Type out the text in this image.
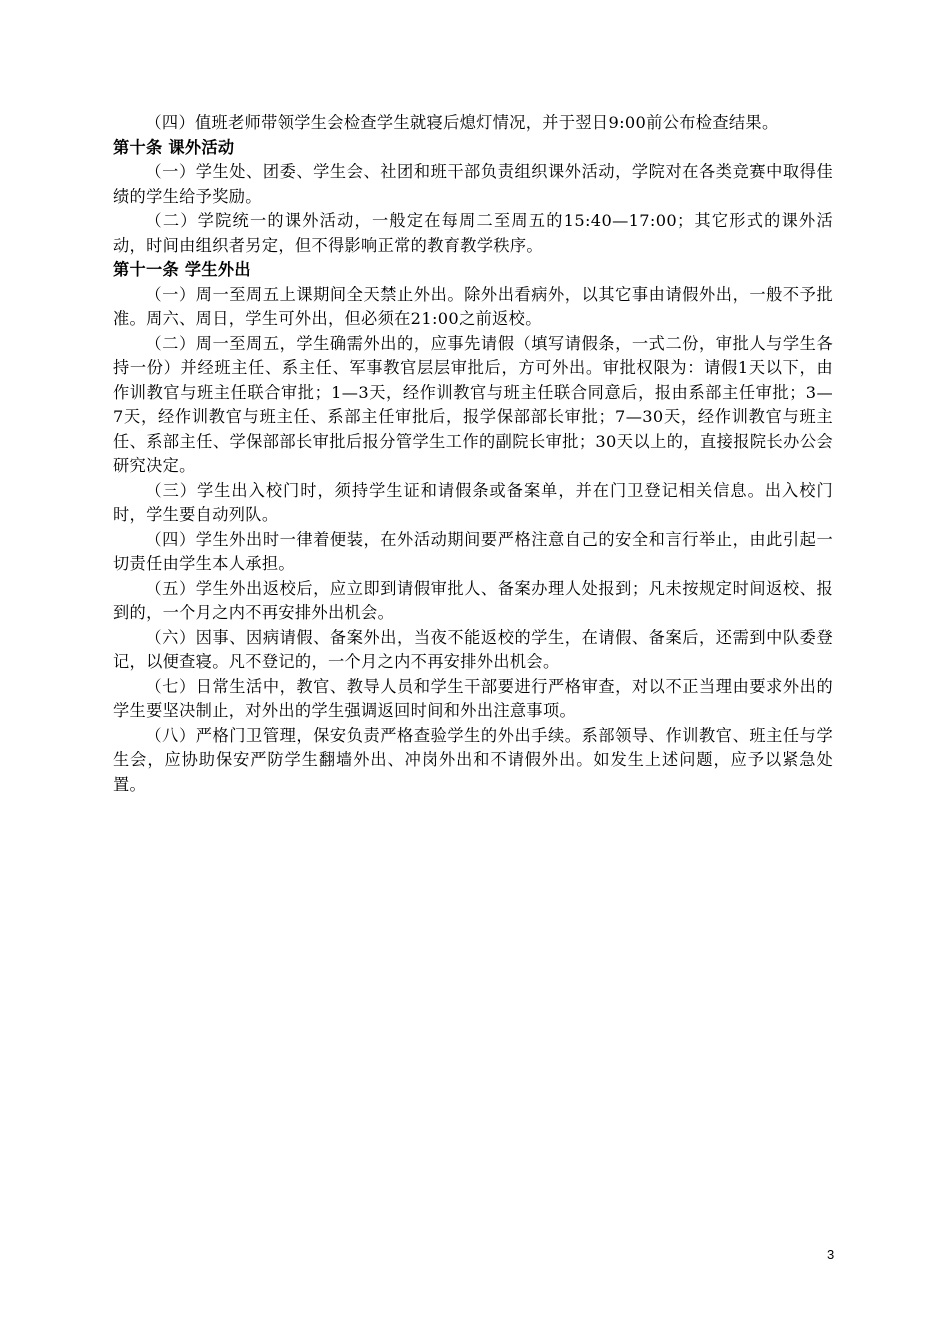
（四）值班老师带领学生会检查学生就寝后熄灯情况，并于翌日9:00前公布检查结果。

第十条 课外活动

（一）学生处、团委、学生会、社团和班干部负责组织课外活动，学院对在各类竞赛中取得佳绩的学生给予奖励。

（二）学院统一的课外活动，一般定在每周二至周五的15:40—17:00；其它形式的课外活动，时间由组织者另定，但不得影响正常的教育教学秩序。

第十一条 学生外出

（一）周一至周五上课期间全天禁止外出。除外出看病外，以其它事由请假外出，一般不予批准。周六、周日，学生可外出，但必须在21:00之前返校。

（二）周一至周五，学生确需外出的，应事先请假（填写请假条，一式二份，审批人与学生各持一份）并经班主任、系主任、军事教官层层审批后，方可外出。审批权限为：请假1天以下，由作训教官与班主任联合审批；1—3天，经作训教官与班主任联合同意后，报由系部主任审批；3—7天，经作训教官与班主任、系部主任审批后，报学保部部长审批；7—30天，经作训教官与班主任、系部主任、学保部部长审批后报分管学生工作的副院长审批；30天以上的，直接报院长办公会研究决定。

（三）学生出入校门时，须持学生证和请假条或备案单，并在门卫登记相关信息。出入校门时，学生要自动列队。

（四）学生外出时一律着便装，在外活动期间要严格注意自己的安全和言行举止，由此引起一切责任由学生本人承担。

（五）学生外出返校后，应立即到请假审批人、备案办理人处报到；凡未按规定时间返校、报到的，一个月之内不再安排外出机会。

（六）因事、因病请假、备案外出，当夜不能返校的学生，在请假、备案后，还需到中队委登记，以便查寝。凡不登记的，一个月之内不再安排外出机会。

（七）日常生活中，教官、教导人员和学生干部要进行严格审查，对以不正当理由要求外出的学生要坚决制止，对外出的学生强调返回时间和外出注意事项。

（八）严格门卫管理，保安负责严格查验学生的外出手续。系部领导、作训教官、班主任与学生会，应协助保安严防学生翻墙外出、冲岗外出和不请假外出。如发生上述问题，应予以紧急处置。

3
